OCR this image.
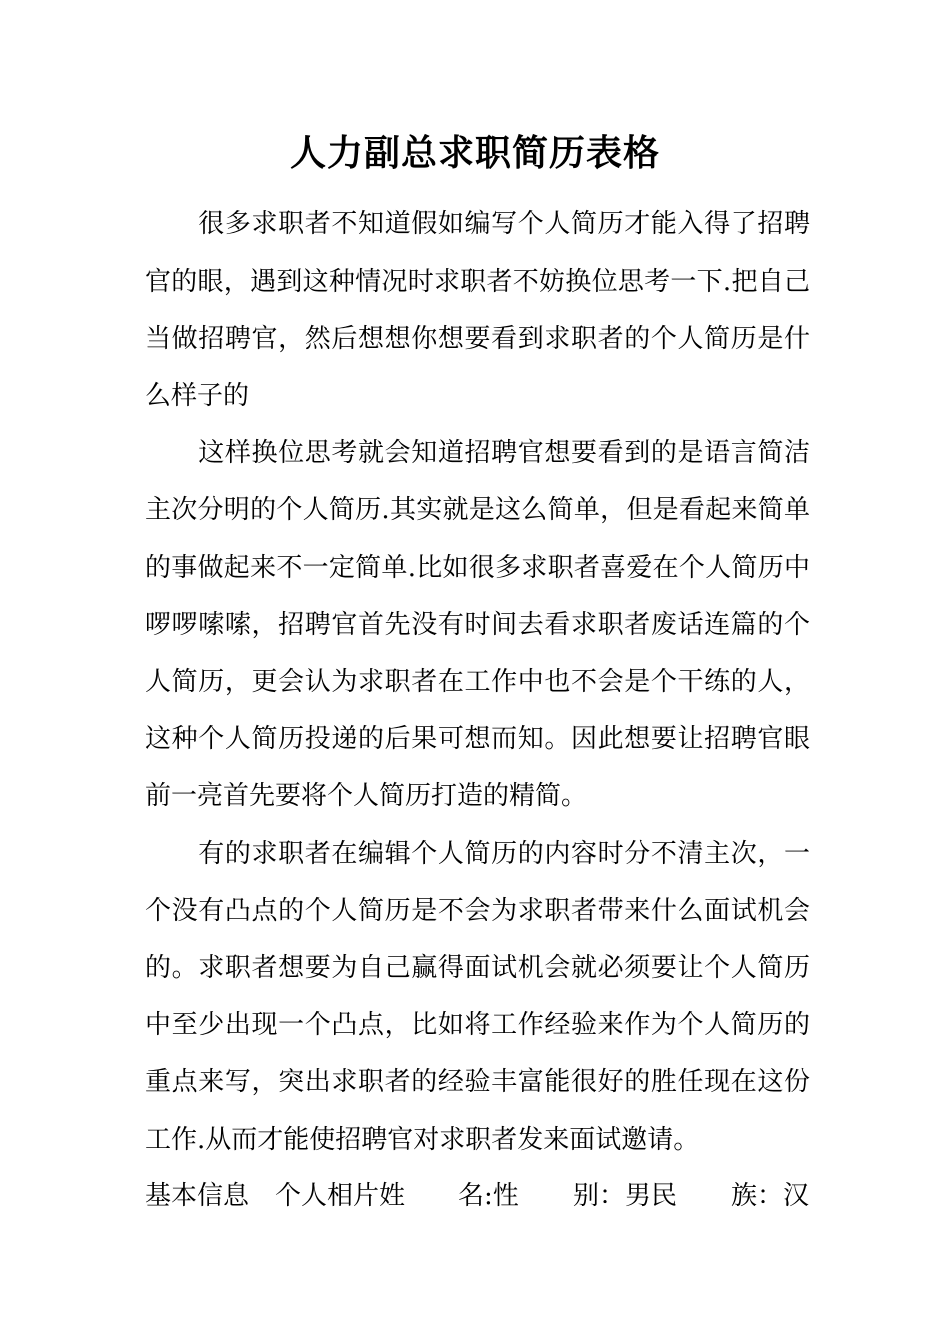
人力副总求职简历表格
　　很多求职者不知道假如编写个人简历才能入得了招聘
官的眼，遇到这种情况时求职者不妨换位思考一下.把自己
当做招聘官，然后想想你想要看到求职者的个人简历是什
么样子的
　　这样换位思考就会知道招聘官想要看到的是语言简洁
主次分明的个人简历.其实就是这么简单，但是看起来简单
的事做起来不一定简单.比如很多求职者喜爱在个人简历中
啰啰嗦嗦，招聘官首先没有时间去看求职者废话连篇的个
人简历，更会认为求职者在工作中也不会是个干练的人，
这种个人简历投递的后果可想而知。因此想要让招聘官眼
前一亮首先要将个人简历打造的精简。
　　有的求职者在编辑个人简历的内容时分不清主次，一
个没有凸点的个人简历是不会为求职者带来什么面试机会
的。求职者想要为自己赢得面试机会就必须要让个人简历
中至少出现一个凸点，比如将工作经验来作为个人简历的
重点来写，突出求职者的经验丰富能很好的胜任现在这份
工作.从而才能使招聘官对求职者发来面试邀请。
基本信息 个人相片姓 名:性 别：男民 族：汉
